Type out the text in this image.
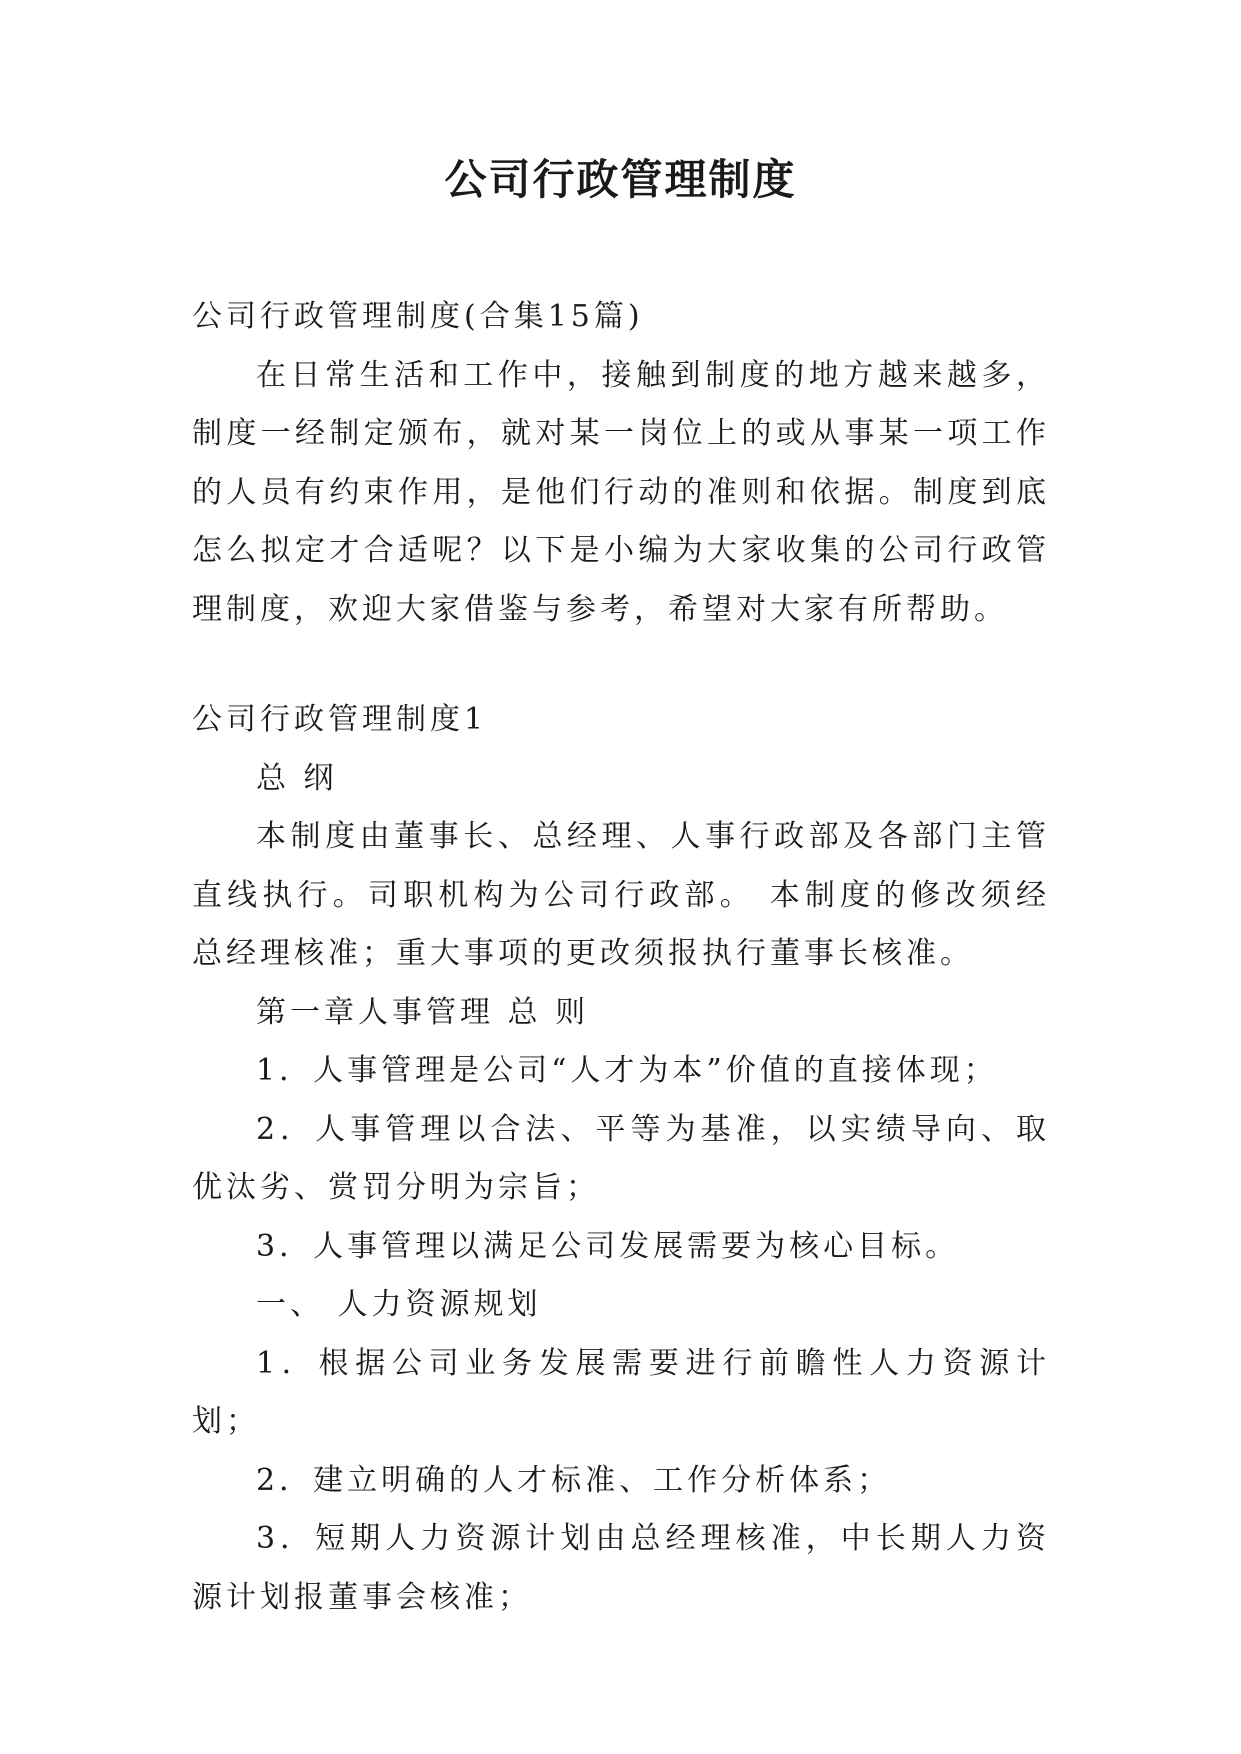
公司行政管理制度

公司行政管理制度(合集15篇)

在日常生活和工作中，接触到制度的地方越来越多，制度一经制定颁布，就对某一岗位上的或从事某一项工作的人员有约束作用，是他们行动的准则和依据。制度到底怎么拟定才合适呢？以下是小编为大家收集的公司行政管理制度，欢迎大家借鉴与参考，希望对大家有所帮助。

公司行政管理制度1

总 纲

本制度由董事长、总经理、人事行政部及各部门主管直线执行。司职机构为公司行政部。 本制度的修改须经总经理核准；重大事项的更改须报执行董事长核准。

第一章人事管理 总 则

1．人事管理是公司“人才为本”价值的直接体现；

2．人事管理以合法、平等为基准，以实绩导向、取优汰劣、赏罚分明为宗旨；

3．人事管理以满足公司发展需要为核心目标。

一、 人力资源规划

1．根据公司业务发展需要进行前瞻性人力资源计划；

2．建立明确的人才标准、工作分析体系；

3．短期人力资源计划由总经理核准，中长期人力资源计划报董事会核准；
